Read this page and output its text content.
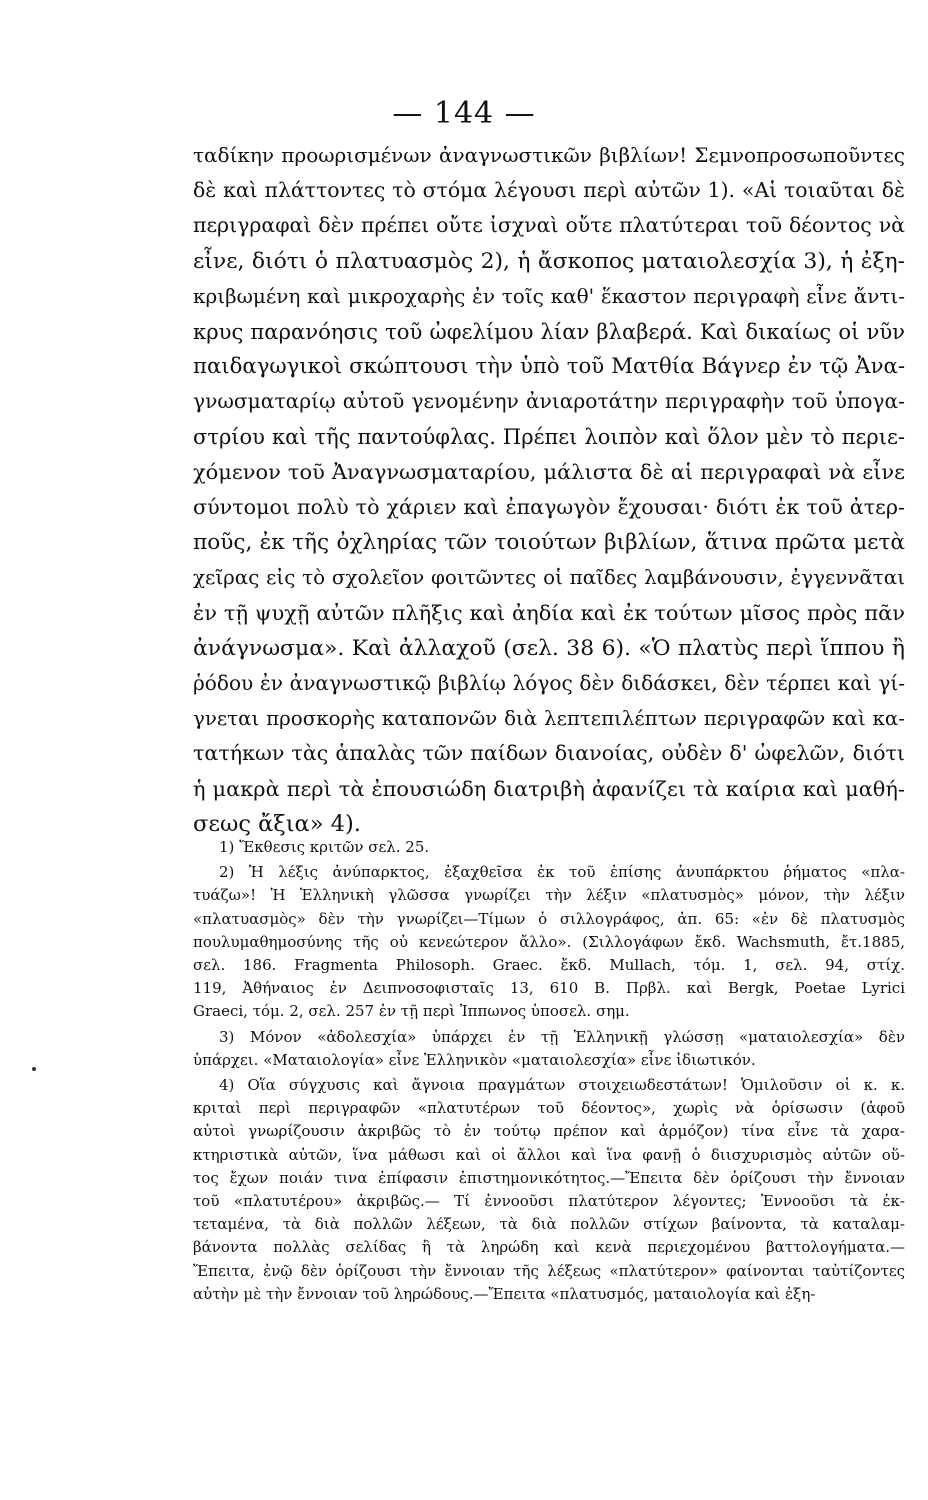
— 144 —
ταδίκην προωρισμένων ἀναγνωστικῶν βιβλίων! Σεμνοπροσωποῦντες
δὲ καὶ πλάττοντες τὸ στόμα λέγουσι περὶ αὐτῶν 1). «Αἱ τοιαῦται δὲ
περιγραφαὶ δὲν πρέπει οὔτε ἰσχναὶ οὔτε πλατύτεραι τοῦ δέοντος νὰ
εἶνε, διότι ὁ πλατυασμὸς 2), ἡ ἄσκοπος ματαιολεσχία 3), ἡ ἐξη-
κριβωμένη καὶ μικροχαρὴς ἐν τοῖς καθ' ἕκαστον περιγραφὴ εἶνε ἄντι-
κρυς παρανόησις τοῦ ὠφελίμου λίαν βλαβερά. Καὶ δικαίως οἱ νῦν
παιδαγωγικοὶ σκώπτουσι τὴν ὑπὸ τοῦ Ματθία Βάγνερ ἐν τῷ Ἀνα-
γνωσματαρίῳ αὐτοῦ γενομένην ἀνιαροτάτην περιγραφὴν τοῦ ὑπογα-
στρίου καὶ τῆς παντούφλας. Πρέπει λοιπὸν καὶ ὅλον μὲν τὸ περιε-
χόμενον τοῦ Ἀναγνωσματαρίου, μάλιστα δὲ αἱ περιγραφαὶ νὰ εἶνε
σύντομοι πολὺ τὸ χάριεν καὶ ἐπαγωγὸν ἔχουσαι· διότι ἐκ τοῦ ἀτερ-
ποῦς, ἐκ τῆς ὀχληρίας τῶν τοιούτων βιβλίων, ἅτινα πρῶτα μετὰ
χεῖρας εἰς τὸ σχολεῖον φοιτῶντες οἱ παῖδες λαμβάνουσιν, ἐγγεννᾶται
ἐν τῇ ψυχῇ αὐτῶν πλῆξις καὶ ἀηδία καὶ ἐκ τούτων μῖσος πρὸς πᾶν
ἀνάγνωσμα». Καὶ ἀλλαχοῦ (σελ. 38 6). «Ὁ πλατὺς περὶ ἵππου ἢ
ῥόδου ἐν ἀναγνωστικῷ βιβλίῳ λόγος δὲν διδάσκει, δὲν τέρπει καὶ γί-
γνεται προσκορὴς καταπονῶν διὰ λεπτεπιλέπτων περιγραφῶν καὶ κα-
τατήκων τὰς ἁπαλὰς τῶν παίδων διανοίας, οὐδὲν δ' ὠφελῶν, διότι
ἡ μακρὰ περὶ τὰ ἐπουσιώδη διατριβὴ ἀφανίζει τὰ καίρια καὶ μαθή-
σεως ἄξια» 4).
1) Ἔκθεσις κριτῶν σελ. 25.
2) Ἡ λέξις ἀνύπαρκτος, ἐξαχθεῖσα ἐκ τοῦ ἐπίσης ἀνυπάρκτου ῥήματος «πλα-
τυάζω»! Ἡ Ἑλληνικὴ γλῶσσα γνωρίζει τὴν λέξιν «πλατυσμὸς» μόνον, τὴν λέξιν
«πλατυασμὸς» δὲν τὴν γνωρίζει—Τίμων ὁ σιλλογράφος, ἀπ. 65: «ἐν δὲ πλατυσμὸς
πουλυμαθημοσύνης τῆς οὐ κενεώτερον ἄλλο». (Σιλλογάφων ἔκδ. Wachsmuth, ἔτ.1885,
σελ. 186. Fragmenta Philosoph. Graec. ἔκδ. Mullach, τόμ. 1, σελ. 94, στίχ.
119, Ἀθήναιος ἐν Δειπνοσοφισταῖς 13, 610 B. Πρβλ. καὶ Bergk, Poetae Lyrici
Graeci, τόμ. 2, σελ. 257 ἐν τῇ περὶ Ἱππωνος ὑποσελ. σημ.
3) Μόνον «ἀδολεσχία» ὑπάρχει ἐν τῇ Ἑλληνικῇ γλώσσῃ «ματαιολεσχία» δὲν
ὑπάρχει. «Ματαιολογία» εἶνε Ἑλληνικὸν «ματαιολεσχία» εἶνε ἰδιωτικόν.
4) Οἵα σύγχυσις καὶ ἄγνοια πραγμάτων στοιχειωδεστάτων! Ὁμιλοῦσιν οἱ κ. κ.
κριταὶ περὶ περιγραφῶν «πλατυτέρων τοῦ δέοντος», χωρὶς νὰ ὁρίσωσιν (ἀφοῦ
αὐτοὶ γνωρίζουσιν ἀκριβῶς τὸ ἐν τούτῳ πρέπον καὶ ἁρμόζον) τίνα εἶνε τὰ χαρα-
κτηριστικὰ αὐτῶν, ἵνα μάθωσι καὶ οἱ ἄλλοι καὶ ἵνα φανῇ ὁ διισχυρισμὸς αὐτῶν οὕ-
τος ἔχων ποιάν τινα ἐπίφασιν ἐπιστημονικότητος.—Ἔπειτα δὲν ὁρίζουσι τὴν ἔννοιαν
τοῦ «πλατυτέρου» ἀκριβῶς.— Τί ἐννοοῦσι πλατύτερον λέγοντες; Ἐννοοῦσι τὰ ἐκ-
τεταμένα, τὰ διὰ πολλῶν λέξεων, τὰ διὰ πολλῶν στίχων βαίνοντα, τὰ καταλαμ-
βάνοντα πολλὰς σελίδας ἢ τὰ ληρώδη καὶ κενὰ περιεχομένου βαττολογήματα.—
Ἔπειτα, ἐνῷ δὲν ὁρίζουσι τὴν ἔννοιαν τῆς λέξεως «πλατύτερον» φαίνονται ταὐτίζοντες
αὐτὴν μὲ τὴν ἔννοιαν τοῦ ληρώδους.—Ἔπειτα «πλατυσμός, ματαιολογία καὶ ἐξη-
